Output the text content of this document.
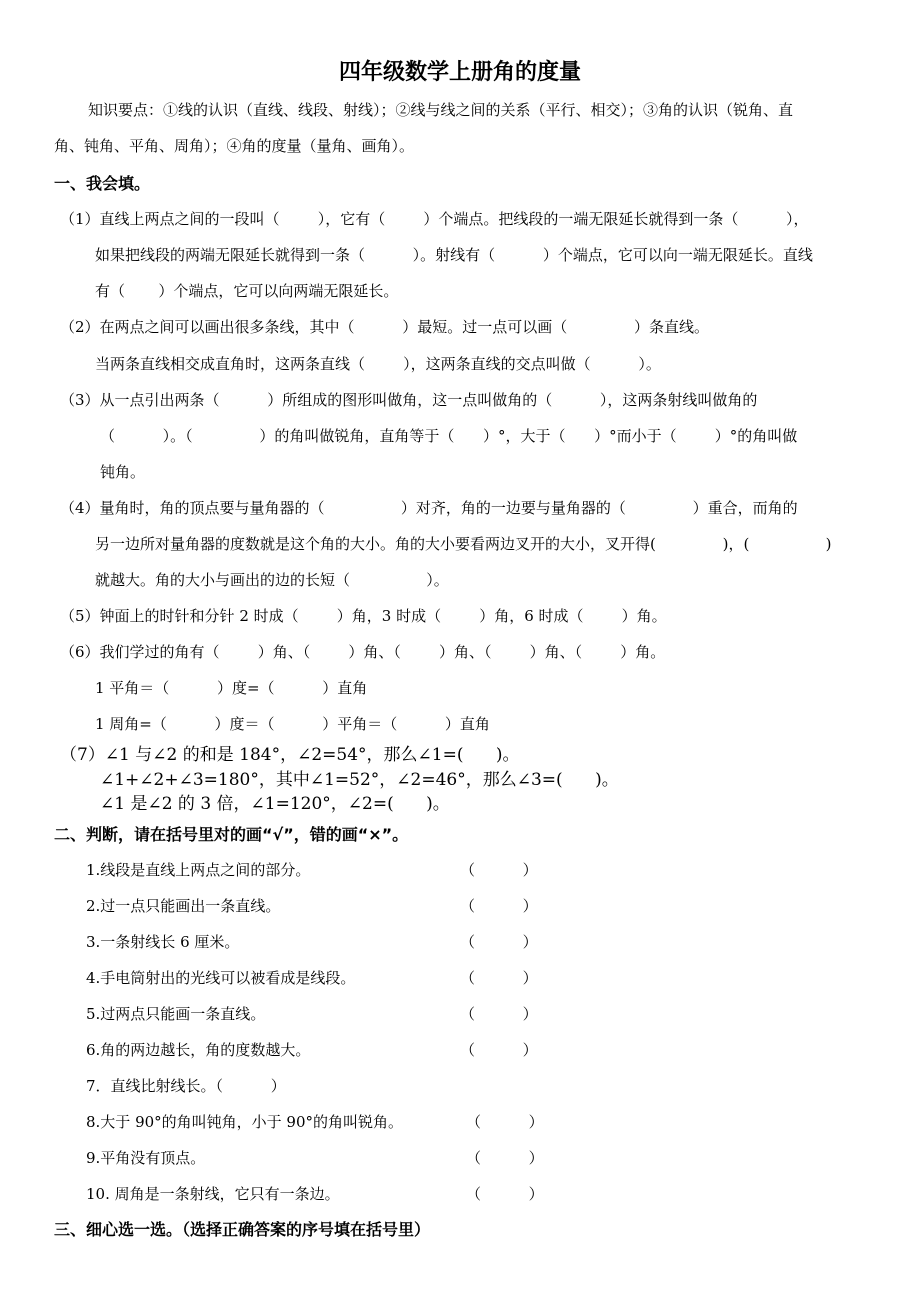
四年级数学上册角的度量
知识要点：①线的认识（直线、线段、射线）；②线与线之间的关系（平行、相交）；③角的认识（锐角、直
角、钝角、平角、周角）；④角的度量（量角、画角）。
一、我会填。
（1）直线上两点之间的一段叫（        ），它有（        ）个端点。把线段的一端无限延长就得到一条（          ），
如果把线段的两端无限延长就得到一条（          ）。射线有（          ）个端点，它可以向一端无限延长。直线
有（       ）个端点，它可以向两端无限延长。
（2）在两点之间可以画出很多条线，其中（          ）最短。过一点可以画（              ）条直线。
当两条直线相交成直角时，这两条直线（        ），这两条直线的交点叫做（          ）。
（3）从一点引出两条（          ）所组成的图形叫做角，这一点叫做角的（          ），这两条射线叫做角的
（          ）。（              ）的角叫做锐角，直角等于（      ）°，大于（      ）°而小于（        ）°的角叫做
钝角。
（4）量角时，角的顶点要与量角器的（                ）对齐，角的一边要与量角器的（              ）重合，而角的
另一边所对量角器的度数就是这个角的大小。角的大小要看两边叉开的大小，叉开得(              )，(                )
就越大。角的大小与画出的边的长短（                ）。
（5）钟面上的时针和分针 2 时成（        ）角，3 时成（        ）角，6 时成（        ）角。
（6）我们学过的角有（        ）角、（        ）角、（        ）角、（        ）角、（        ）角。
1 平角＝（          ）度=（          ）直角
1 周角=（          ）度＝（          ）平角＝（          ）直角
（7）∠1 与∠2 的和是 184°，∠2=54°，那么∠1=(      )。
∠1+∠2+∠3=180°，其中∠1=52°，∠2=46°，那么∠3=(      )。
∠1 是∠2 的 3 倍，∠1=120°，∠2=(      )。
二、判断，请在括号里对的画“√”，错的画“×”。
1.线段是直线上两点之间的部分。	（          ）
2.过一点只能画出一条直线。	（          ）
3.一条射线长 6 厘米。	（          ）
4.手电筒射出的光线可以被看成是线段。	（          ）
5.过两点只能画一条直线。	（          ）
6.角的两边越长，角的度数越大。	（          ）
7．直线比射线长。（          ）
8.大于 90°的角叫钝角，小于 90°的角叫锐角。	（          ）
9.平角没有顶点。	（          ）
10. 周角是一条射线，它只有一条边。	（          ）
三、细心选一选。（选择正确答案的序号填在括号里）
